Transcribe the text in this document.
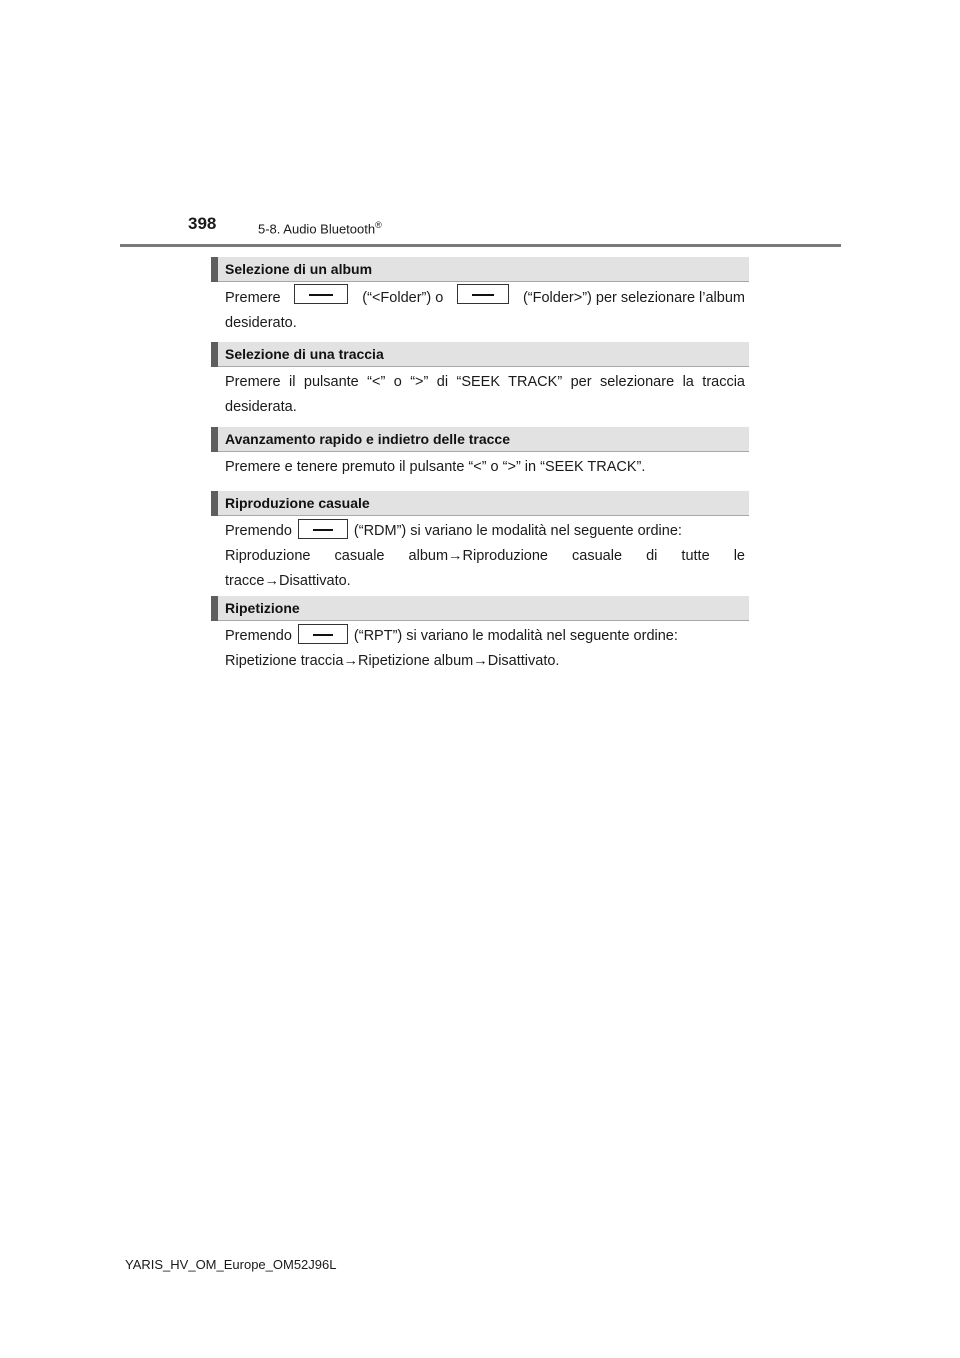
398	5-8. Audio Bluetooth®
Selezione di un album
Premere	(“<Folder”) o	(“Folder>”) per selezionare l’album
desiderato.
Selezione di una traccia
Premere il pulsante “<” o “>” di “SEEK TRACK” per selezionare la traccia
desiderata.
Avanzamento rapido e indietro delle tracce
Premere e tenere premuto il pulsante “<” o “>” in “SEEK TRACK”.
Riproduzione casuale
Premendo	(“RDM”) si variano le modalità nel seguente ordine:
Riproduzione casuale album→Riproduzione casuale di tutte le
tracce→Disattivato.
Ripetizione
Premendo	(“RPT”) si variano le modalità nel seguente ordine:
Ripetizione traccia→Ripetizione album→Disattivato.
YARIS_HV_OM_Europe_OM52J96L
